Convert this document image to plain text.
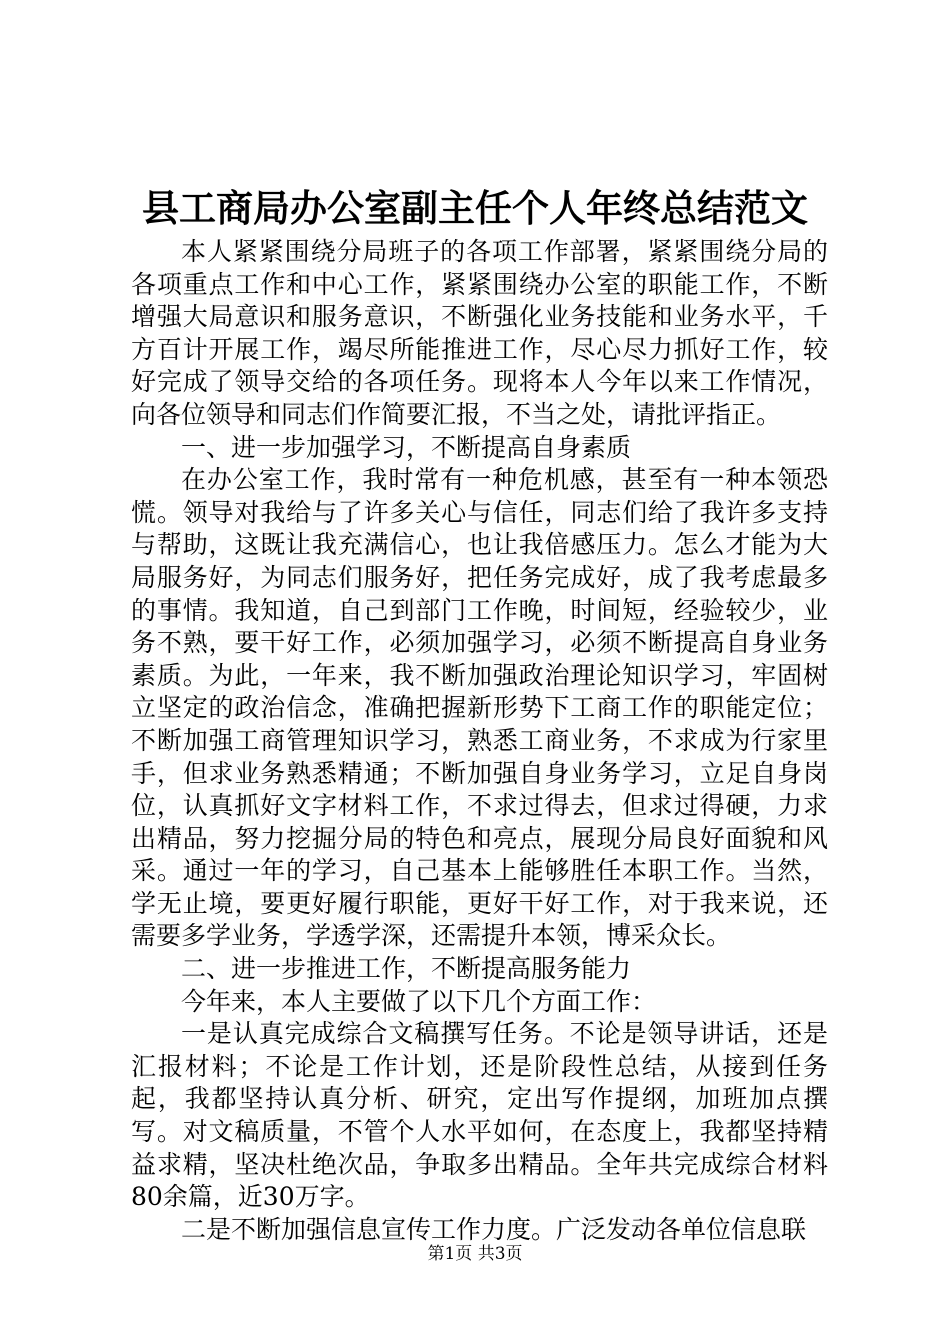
县工商局办公室副主任个人年终总结范文

本人紧紧围绕分局班子的各项工作部署，紧紧围绕分局的各项重点工作和中心工作，紧紧围绕办公室的职能工作，不断增强大局意识和服务意识，不断强化业务技能和业务水平，千方百计开展工作，竭尽所能推进工作，尽心尽力抓好工作，较好完成了领导交给的各项任务。现将本人今年以来工作情况，向各位领导和同志们作简要汇报，不当之处，请批评指正。

一、进一步加强学习，不断提高自身素质

在办公室工作，我时常有一种危机感，甚至有一种本领恐慌。领导对我给与了许多关心与信任，同志们给了我许多支持与帮助，这既让我充满信心，也让我倍感压力。怎么才能为大局服务好，为同志们服务好，把任务完成好，成了我考虑最多的事情。我知道，自己到部门工作晚，时间短，经验较少，业务不熟，要干好工作，必须加强学习，必须不断提高自身业务素质。为此，一年来，我不断加强政治理论知识学习，牢固树立坚定的政治信念，准确把握新形势下工商工作的职能定位；不断加强工商管理知识学习，熟悉工商业务，不求成为行家里手，但求业务熟悉精通；不断加强自身业务学习，立足自身岗位，认真抓好文字材料工作，不求过得去，但求过得硬，力求出精品，努力挖掘分局的特色和亮点，展现分局良好面貌和风采。通过一年的学习，自己基本上能够胜任本职工作。当然，学无止境，要更好履行职能，更好干好工作，对于我来说，还需要多学业务，学透学深，还需提升本领，博采众长。

二、进一步推进工作，不断提高服务能力

今年来，本人主要做了以下几个方面工作：

一是认真完成综合文稿撰写任务。不论是领导讲话，还是汇报材料；不论是工作计划，还是阶段性总结，从接到任务起，我都坚持认真分析、研究，定出写作提纲，加班加点撰写。对文稿质量，不管个人水平如何，在态度上，我都坚持精益求精，坚决杜绝次品，争取多出精品。全年共完成综合材料80余篇，近30万字。

二是不断加强信息宣传工作力度。广泛发动各单位信息联

第1页 共3页
